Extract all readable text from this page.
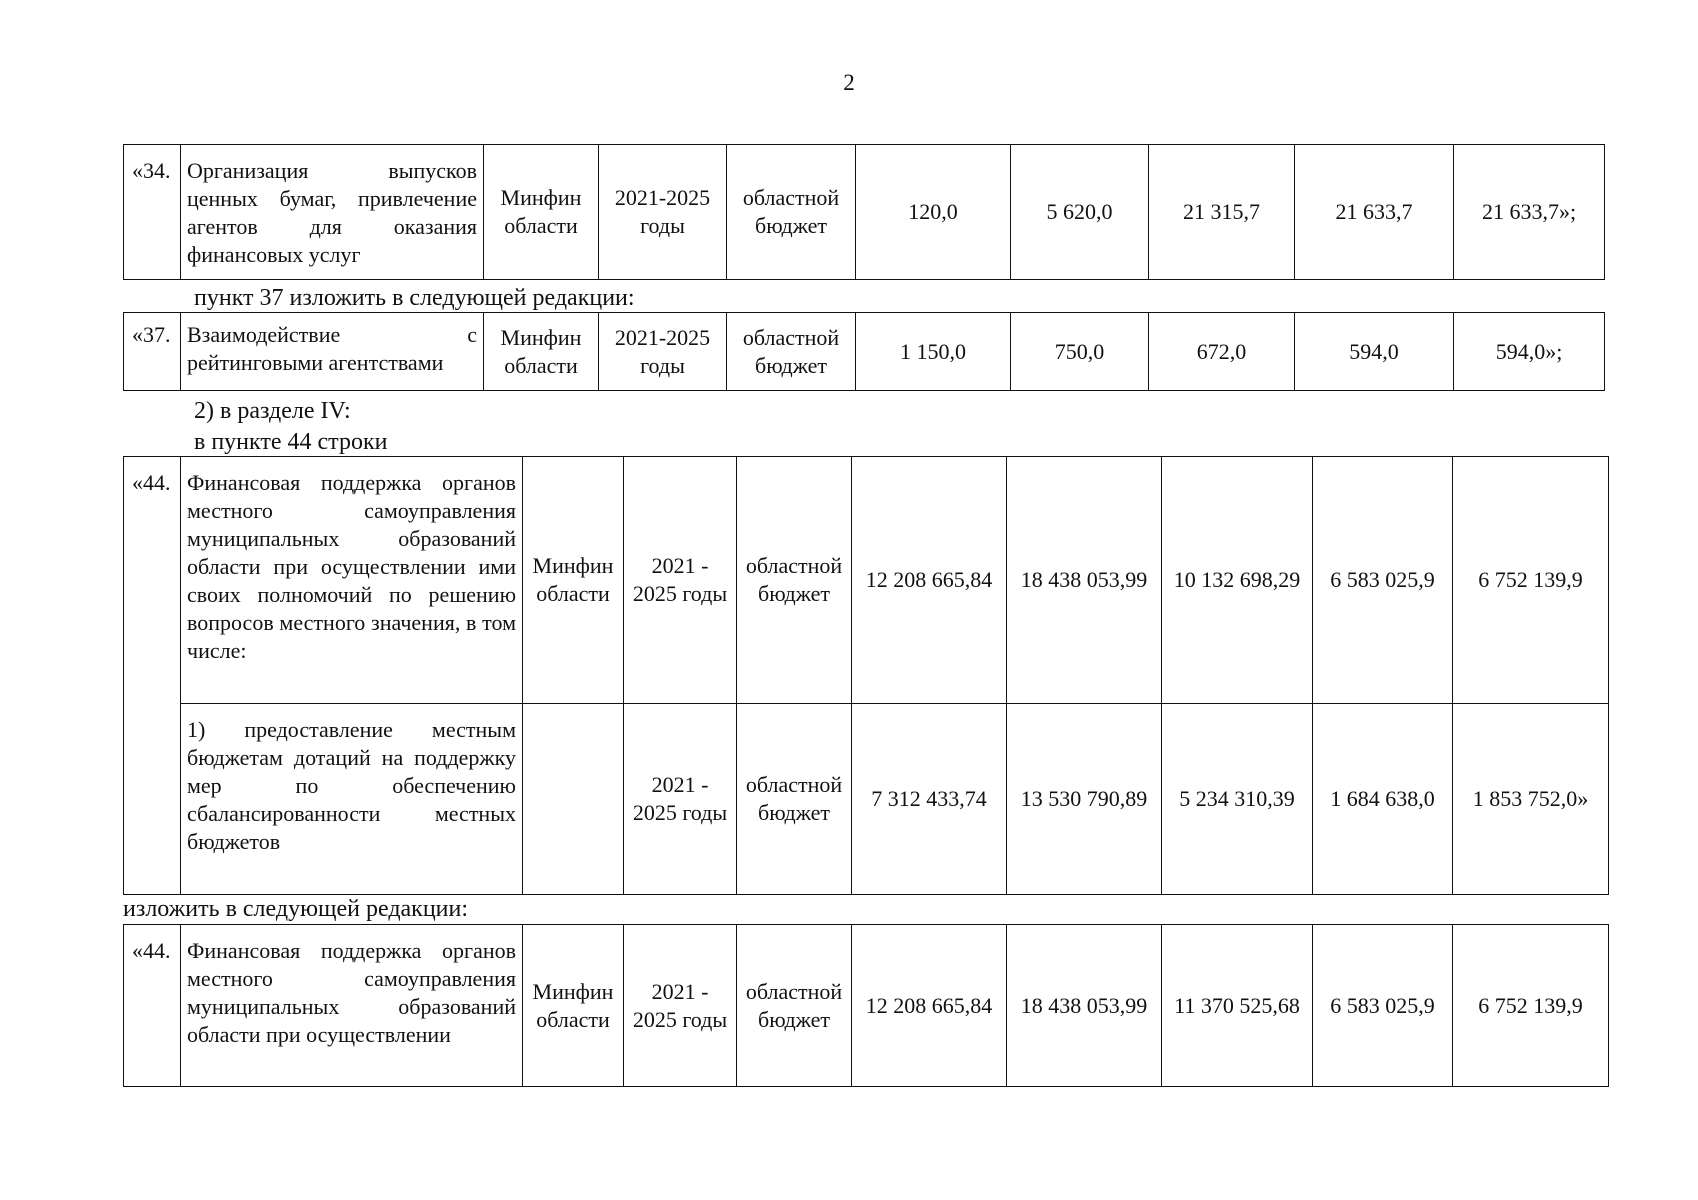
2
«34.	Организация выпусков ценных бумаг, привлечение агентов для оказания финансовых услуг	Минфин области	2021-2025 годы	областной бюджет	120,0	5 620,0	21 315,7	21 633,7	21 633,7»;
пункт 37 изложить в следующей редакции:
«37.	Взаимодействие с рейтинговыми агентствами	Минфин области	2021-2025 годы	областной бюджет	1 150,0	750,0	672,0	594,0	594,0»;
2) в разделе IV:
в пункте 44 строки
«44.	Финансовая поддержка органов местного самоуправления муниципальных образований области при осуществлении ими своих полномочий по решению вопросов местного значения, в том числе:	Минфин области	2021 - 2025 годы	областной бюджет	12 208 665,84	18 438 053,99	10 132 698,29	6 583 025,9	6 752 139,9
	1) предоставление местным бюджетам дотаций на поддержку мер по обеспечению сбалансированности местных бюджетов		2021 - 2025 годы	областной бюджет	7 312 433,74	13 530 790,89	5 234 310,39	1 684 638,0	1 853 752,0»
изложить в следующей редакции:
«44.	Финансовая поддержка органов местного самоуправления муниципальных образований области при осуществлении	Минфин области	2021 - 2025 годы	областной бюджет	12 208 665,84	18 438 053,99	11 370 525,68	6 583 025,9	6 752 139,9
